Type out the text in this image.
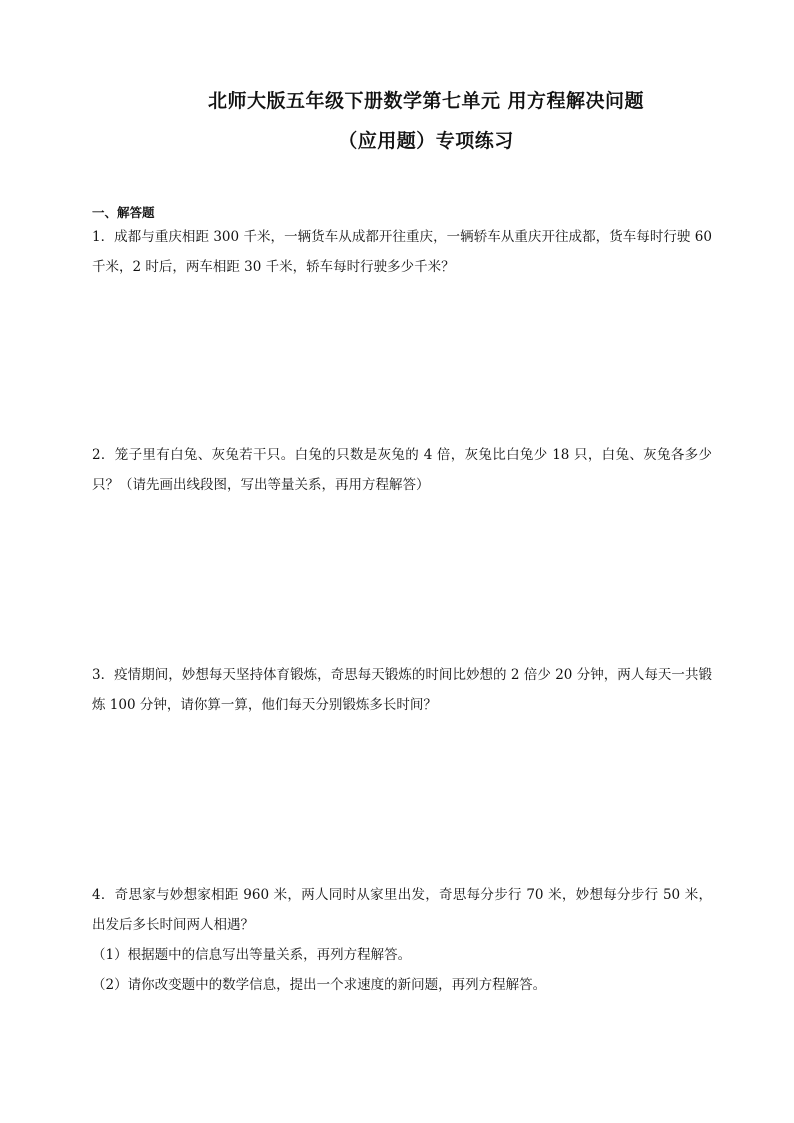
北师大版五年级下册数学第七单元 用方程解决问题
（应用题）专项练习
一、解答题

1．成都与重庆相距 300 千米，一辆货车从成都开往重庆，一辆轿车从重庆开往成都，货车每时行驶 60 千米，2 时后，两车相距 30 千米，轿车每时行驶多少千米？

2．笼子里有白兔、灰兔若干只。白兔的只数是灰兔的 4 倍，灰兔比白兔少 18 只，白兔、灰兔各多少只？（请先画出线段图，写出等量关系，再用方程解答）

3．疫情期间，妙想每天坚持体育锻炼，奇思每天锻炼的时间比妙想的 2 倍少 20 分钟，两人每天一共锻炼 100 分钟，请你算一算，他们每天分别锻炼多长时间？

4．奇思家与妙想家相距 960 米，两人同时从家里出发，奇思每分步行 70 米，妙想每分步行 50 米，出发后多长时间两人相遇？

（1）根据题中的信息写出等量关系，再列方程解答。

（2）请你改变题中的数学信息，提出一个求速度的新问题，再列方程解答。
